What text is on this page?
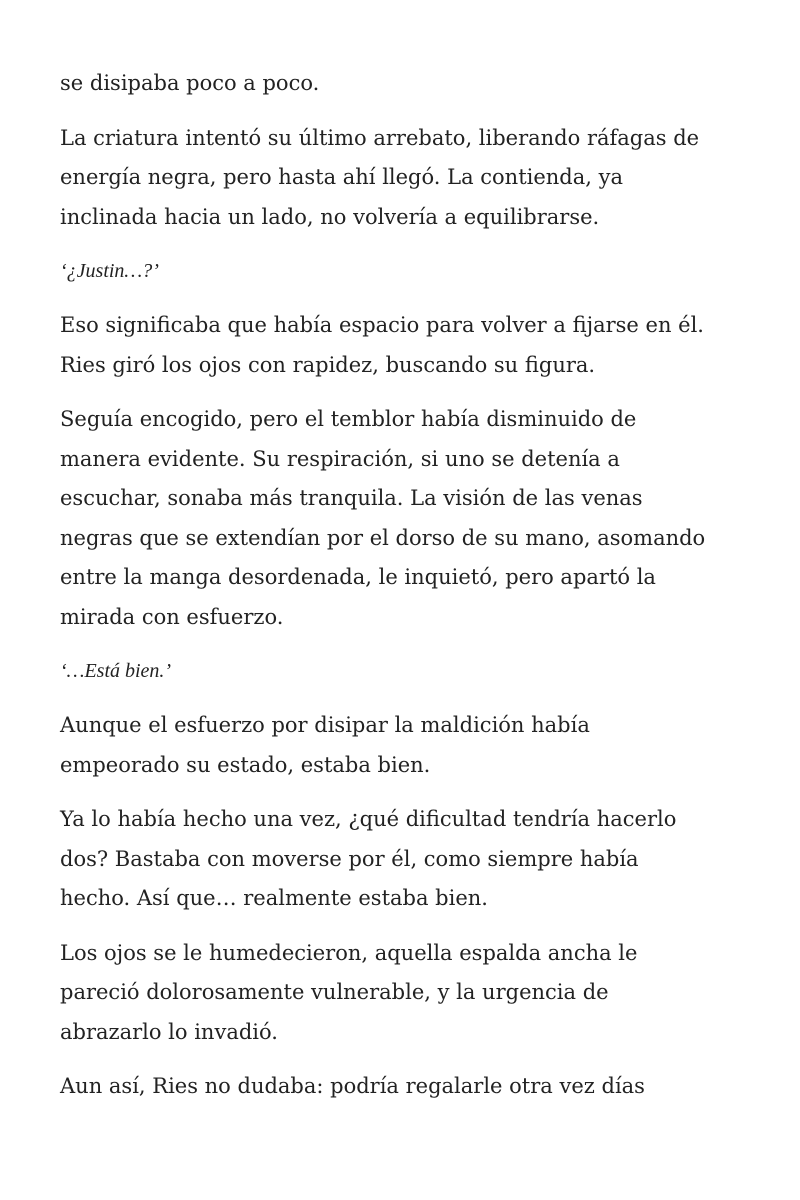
se disipaba poco a poco.
La criatura intentó su último arrebato, liberando ráfagas de
energía negra, pero hasta ahí llegó. La contienda, ya
inclinada hacia un lado, no volvería a equilibrarse.
‘¿Justin…?’
Eso significaba que había espacio para volver a fijarse en él.
Ries giró los ojos con rapidez, buscando su figura.
Seguía encogido, pero el temblor había disminuido de
manera evidente. Su respiración, si uno se detenía a
escuchar, sonaba más tranquila. La visión de las venas
negras que se extendían por el dorso de su mano, asomando
entre la manga desordenada, le inquietó, pero apartó la
mirada con esfuerzo.
‘…Está bien.’
Aunque el esfuerzo por disipar la maldición había
empeorado su estado, estaba bien.
Ya lo había hecho una vez, ¿qué dificultad tendría hacerlo
dos? Bastaba con moverse por él, como siempre había
hecho. Así que… realmente estaba bien.
Los ojos se le humedecieron, aquella espalda ancha le
pareció dolorosamente vulnerable, y la urgencia de
abrazarlo lo invadió.
Aun así, Ries no dudaba: podría regalarle otra vez días
